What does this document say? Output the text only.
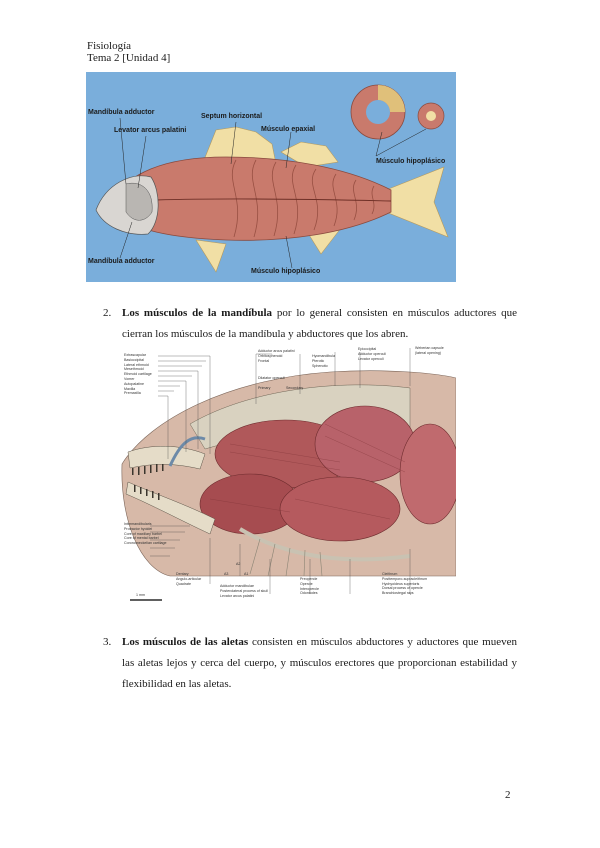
Fisiología
Tema 2 [Unidad 4]
Mandíbula adductor
Levator arcus palatini
Septum horizontal
Músculo epaxial
Músculo hipoplásico
Mandíbula adductor
Músculo hipoplásico
2. Los músculos de la mandíbula por lo general consisten en músculos aductores que cierran los músculos de la mandíbula y abductores que los abren.
Extrascapular
Basioccipital
Lateral ethmoid
Mesethmoid
Ethmoid cartilage
Vomer
Autopalatine
Maxilla
Premaxilla
Adductor arcus palatini
Orbitosphenoid
Frontal
Dilatator operculi
Primary	Secondary
Hyomandibula
Pterotic
Sphenotic
Epioccipital
Adductor operculi
Levator operculi
Weberian capsule (lateral opening)
Intermandibularis
Protractor hyoidei
Core of maxillary barbel
Core of mental barbel
Coronomeckelian cartilage
Dentary
Angulo-articular
Quadrate
A2
A3	A1
Adductor mandibulae
Posterolateral process of skull
Levator arcus palatini
Preopercle
Opercle
Interopercle
Odontodes
Cleithrum
Posttemporo-supracleithrum
Hyohyoideus superioris
Dorsal process of opercle
Branchiostegal rays
1 mm
3. Los músculos de las aletas consisten en músculos abductores y aductores que mueven las aletas lejos y cerca del cuerpo, y músculos erectores que proporcionan estabilidad y flexibilidad en las aletas.
2
